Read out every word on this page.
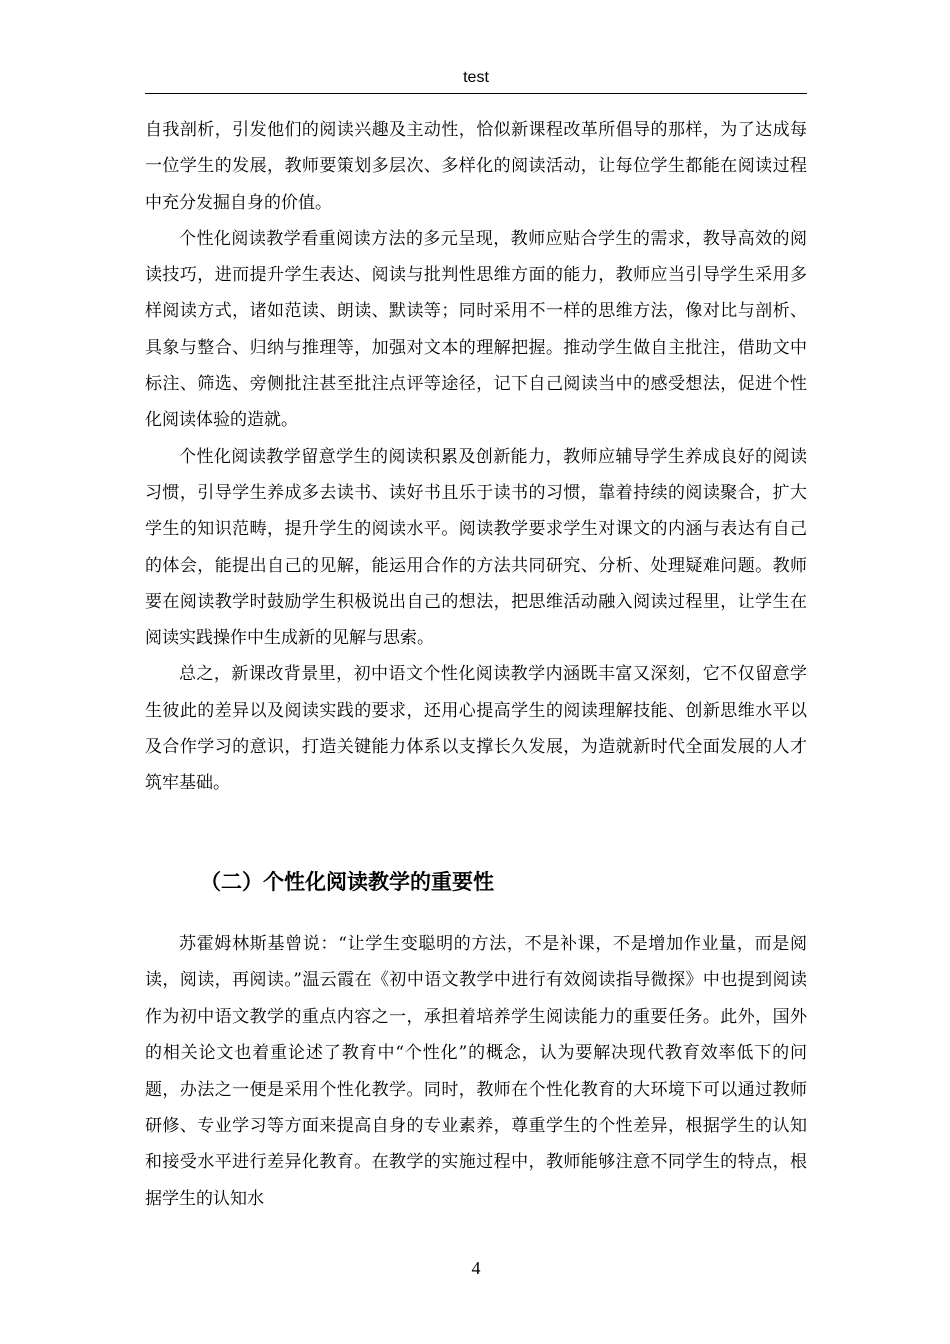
test

自我剖析，引发他们的阅读兴趣及主动性，恰似新课程改革所倡导的那样，为了达成每一位学生的发展，教师要策划多层次、多样化的阅读活动，让每位学生都能在阅读过程中充分发掘自身的价值。

个性化阅读教学看重阅读方法的多元呈现，教师应贴合学生的需求，教导高效的阅读技巧，进而提升学生表达、阅读与批判性思维方面的能力，教师应当引导学生采用多样阅读方式，诸如范读、朗读、默读等；同时采用不一样的思维方法，像对比与剖析、具象与整合、归纳与推理等，加强对文本的理解把握。推动学生做自主批注，借助文中标注、筛选、旁侧批注甚至批注点评等途径，记下自己阅读当中的感受想法，促进个性化阅读体验的造就。

个性化阅读教学留意学生的阅读积累及创新能力，教师应辅导学生养成良好的阅读习惯，引导学生养成多去读书、读好书且乐于读书的习惯，靠着持续的阅读聚合，扩大学生的知识范畴，提升学生的阅读水平。阅读教学要求学生对课文的内涵与表达有自己的体会，能提出自己的见解，能运用合作的方法共同研究、分析、处理疑难问题。教师要在阅读教学时鼓励学生积极说出自己的想法，把思维活动融入阅读过程里，让学生在阅读实践操作中生成新的见解与思索。

总之，新课改背景里，初中语文个性化阅读教学内涵既丰富又深刻，它不仅留意学生彼此的差异以及阅读实践的要求，还用心提高学生的阅读理解技能、创新思维水平以及合作学习的意识，打造关键能力体系以支撑长久发展，为造就新时代全面发展的人才筑牢基础。

（二）个性化阅读教学的重要性

苏霍姆林斯基曾说：“让学生变聪明的方法，不是补课，不是增加作业量，而是阅读，阅读，再阅读。”温云霞在《初中语文教学中进行有效阅读指导微探》中也提到阅读作为初中语文教学的重点内容之一，承担着培养学生阅读能力的重要任务。此外，国外的相关论文也着重论述了教育中“个性化”的概念，认为要解决现代教育效率低下的问题，办法之一便是采用个性化教学。同时，教师在个性化教育的大环境下可以通过教师研修、专业学习等方面来提高自身的专业素养，尊重学生的个性差异，根据学生的认知和接受水平进行差异化教育。在教学的实施过程中，教师能够注意不同学生的特点，根据学生的认知水

4
